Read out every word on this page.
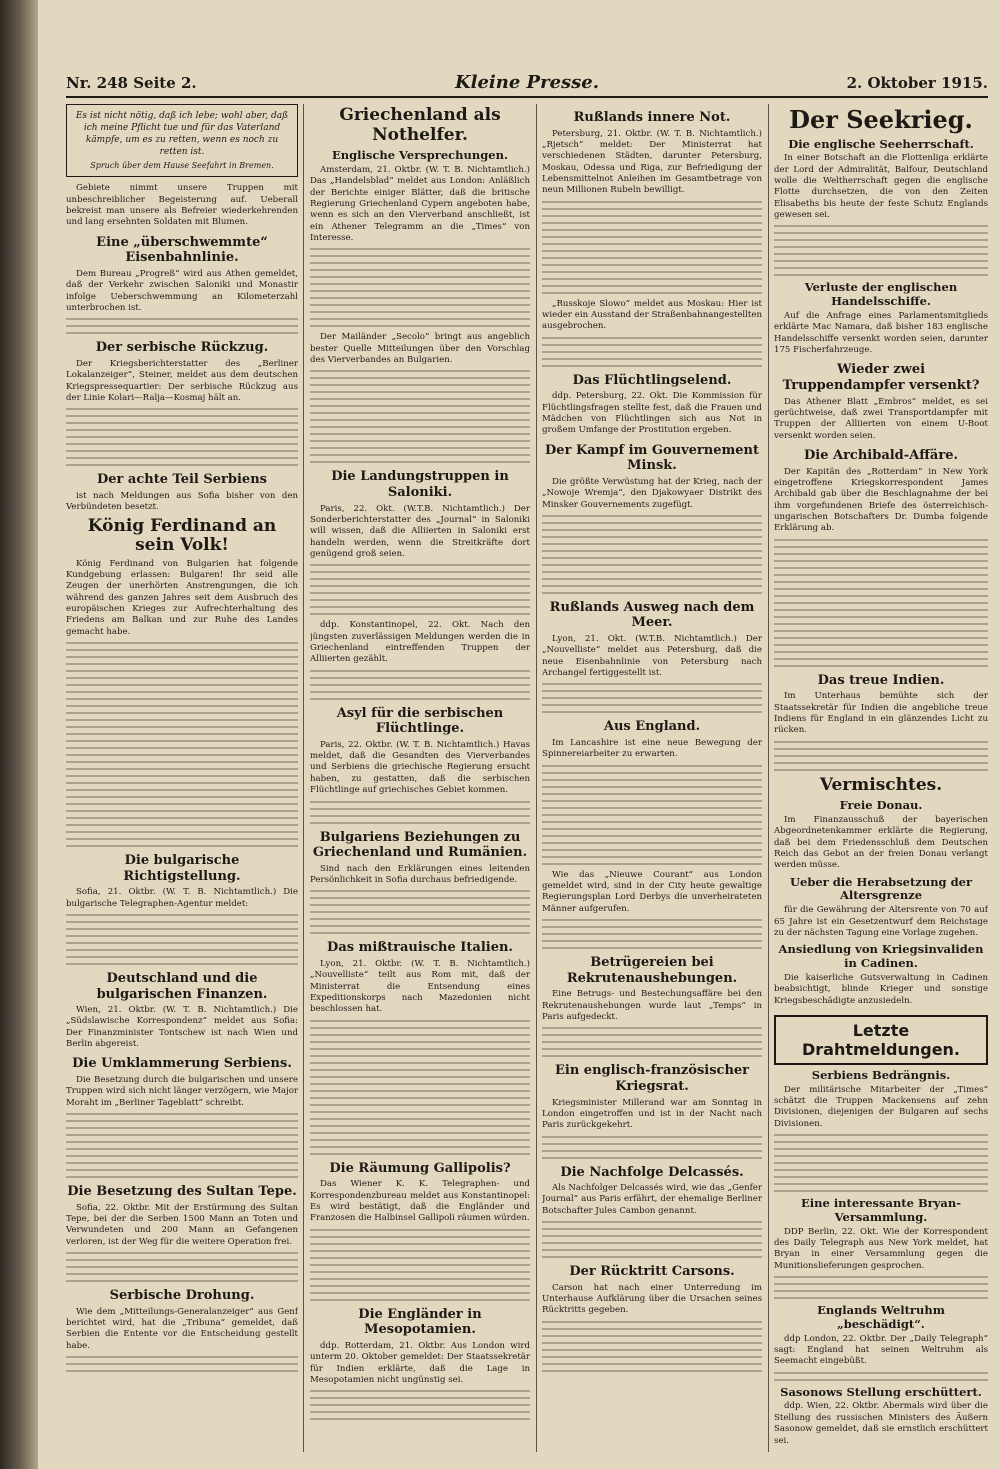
Nr. 248 Seite 2.	Kleine Presse.	2. Oktober 1915.
Es ist nicht nötig, daß ich lebe; wohl aber, daß ich meine Pflicht tue und für das Vaterland kämpfe, um es zu retten, wenn es noch zu retten ist.
Spruch über dem Hause Seefahrt in Bremen.

Gebiete nimmt unsere Truppen mit unbeschreiblicher Begeisterung auf. Ueberall bekreist man unsere als Befreier wiederkehrenden und lang ersehnten Soldaten mit Blumen.

Eine „überschwemmte“ Eisenbahnlinie.

Dem Bureau „Progreß“ wird aus Athen gemeldet, daß der Verkehr zwischen Saloniki und Monastir infolge Ueberschwemmung an Kilometerzahl unterbrochen ist.

Der serbische Rückzug.

Der Kriegsberichterstatter des „Berliner Lokalanzeiger“, Steiner, meldet aus dem deutschen Kriegspressequartier: Der serbische Rückzug aus der Linie Kolari—Ralja—Kosmaj hält an.

Der achte Teil Serbiens

ist nach Meldungen aus Sofia bisher von den Verbündeten besetzt.

König Ferdinand an sein Volk!

König Ferdinand von Bulgarien hat folgende Kundgebung erlassen: Bulgaren! Ihr seid alle Zeugen der unerhörten Anstrengungen, die ich während des ganzen Jahres seit dem Ausbruch des europäischen Krieges zur Aufrechterhaltung des Friedens am Balkan und zur Ruhe des Landes gemacht habe.

Die bulgarische Richtigstellung.

Sofia, 21. Oktbr. (W. T. B. Nichtamtlich.) Die bulgarische Telegraphen-Agentur meldet:

Deutschland und die bulgarischen Finanzen.

Wien, 21. Oktbr. (W. T. B. Nichtamtlich.) Die „Südslawische Korrespondenz“ meldet aus Sofia: Der Finanzminister Tontschew ist nach Wien und Berlin abgereist.

Die Umklammerung Serbiens.

Die Besetzung durch die bulgarischen und unsere Truppen wird sich nicht länger verzögern, wie Major Moraht im „Berliner Tageblatt“ schreibt.

Die Besetzung des Sultan Tepe.

Sofia, 22. Oktbr. Mit der Erstürmung des Sultan Tepe, bei der die Serben 1500 Mann an Toten und Verwundeten und 200 Mann an Gefangenen verloren, ist der Weg für die weitere Operation frei.

Serbische Drohung.

Wie dem „Mitteilungs-Generalanzeiger“ aus Genf berichtet wird, hat die „Tribuna“ gemeldet, daß Serbien die Entente vor die Entscheidung gestellt habe.

Griechenland als Nothelfer.
Englische Versprechungen.

Amsterdam, 21. Oktbr. (W. T. B. Nichtamtlich.) Das „Handelsblad“ meldet aus London: Anläßlich der Berichte einiger Blätter, daß die britische Regierung Griechenland Cypern angeboten habe, wenn es sich an den Vierverband anschließt, ist ein Athener Telegramm an die „Times“ von Interesse.

Der Mailänder „Secolo“ bringt aus angeblich bester Quelle Mitteilungen über den Vorschlag des Vierverbandes an Bulgarien.

Die Landungstruppen in Saloniki.

Paris, 22. Okt. (W.T.B. Nichtamtlich.) Der Sonderberichterstatter des „Journal“ in Saloniki will wissen, daß die Alliierten in Saloniki erst handeln werden, wenn die Streitkräfte dort genügend groß seien.

ddp. Konstantinopel, 22. Okt. Nach den jüngsten zuverlässigen Meldungen werden die in Griechenland eintreffenden Truppen der Alliierten gezählt.

Asyl für die serbischen Flüchtlinge.

Paris, 22. Oktbr. (W. T. B. Nichtamtlich.) Havas meldet, daß die Gesandten des Vierverbandes und Serbiens die griechische Regierung ersucht haben, zu gestatten, daß die serbischen Flüchtlinge auf griechisches Gebiet kommen.

Bulgariens Beziehungen zu Griechenland und Rumänien.

Sind nach den Erklärungen eines leitenden Persönlichkeit in Sofia durchaus befriedigende.

Das mißtrauische Italien.

Lyon, 21. Oktbr. (W. T. B. Nichtamtlich.) „Nouvelliste“ teilt aus Rom mit, daß der Ministerrat die Entsendung eines Expeditionskorps nach Mazedonien nicht beschlossen hat.

Die Räumung Gallipolis?

Das Wiener K. K. Telegraphen- und Korrespondenzbureau meldet aus Konstantinopel: Es wird bestätigt, daß die Engländer und Franzosen die Halbinsel Gallipoli räumen würden.

Die Engländer in Mesopotamien.

ddp. Rotterdam, 21. Oktbr. Aus London wird unterm 20. Oktober gemeldet: Der Staatssekretär für Indien erklärte, daß die Lage in Mesopotamien nicht ungünstig sei.

Rußlands innere Not.

Petersburg, 21. Oktbr. (W. T. B. Nichtamtlich.) „Rjetsch“ meldet: Der Ministerrat hat verschiedenen Städten, darunter Petersburg, Moskau, Odessa und Riga, zur Befriedigung der Lebensmittelnot Anleihen im Gesamtbetrage von neun Millionen Rubeln bewilligt.

„Russkoje Slowo“ meldet aus Moskau: Hier ist wieder ein Ausstand der Straßenbahnangestellten ausgebrochen.

Das Flüchtlingselend.

ddp. Petersburg, 22. Okt. Die Kommission für Flüchtlingsfragen stellte fest, daß die Frauen und Mädchen von Flüchtlingen sich aus Not in großem Umfange der Prostitution ergeben.

Der Kampf im Gouvernement Minsk.

Die größte Verwüstung hat der Krieg, nach der „Nowoje Wremja“, den Djakowyaer Distrikt des Minsker Gouvernements zugefügt.

Rußlands Ausweg nach dem Meer.

Lyon, 21. Okt. (W.T.B. Nichtamtlich.) Der „Nouvelliste“ meldet aus Petersburg, daß die neue Eisenbahnlinie von Petersburg nach Archangel fertiggestellt ist.

Aus England.

Im Lancashire ist eine neue Bewegung der Spinnereiarbeiter zu erwarten.

Wie das „Nieuwe Courant“ aus London gemeldet wird, sind in der City heute gewaltige Regierungsplan Lord Derbys die unverheirateten Männer aufgerufen.

Betrügereien bei Rekrutenaushebungen.

Eine Betrugs- und Bestechungsaffäre bei den Rekrutenaushebungen wurde laut „Temps“ in Paris aufgedeckt.

Ein englisch-französischer Kriegsrat.

Kriegsminister Millerand war am Sonntag in London eingetroffen und ist in der Nacht nach Paris zurückgekehrt.

Die Nachfolge Delcassés.

Als Nachfolger Delcassés wird, wie das „Genfer Journal“ aus Paris erfährt, der ehemalige Berliner Botschafter Jules Cambon genannt.

Der Rücktritt Carsons.

Carson hat nach einer Unterredung im Unterhause Aufklärung über die Ursachen seines Rücktritts gegeben.

Der Seekrieg.
Die englische Seeherrschaft.

In einer Botschaft an die Flottenliga erklärte der Lord der Admiralität, Balfour, Deutschland wolle die Weltherrschaft gegen die englische Flotte durchsetzen, die von den Zeiten Elisabeths bis heute der feste Schutz Englands gewesen sei.

Verluste der englischen Handelsschiffe.

Auf die Anfrage eines Parlamentsmitglieds erklärte Mac Namara, daß bisher 183 englische Handelsschiffe versenkt worden seien, darunter 175 Fischerfahrzeuge.

Wieder zwei Truppendampfer versenkt?

Das Athener Blatt „Embros“ meldet, es sei gerüchtweise, daß zwei Transportdampfer mit Truppen der Alliierten von einem U-Boot versenkt worden seien.

Die Archibald-Affäre.

Der Kapitän des „Rotterdam“ in New York eingetroffene Kriegskorrespondent James Archibald gab über die Beschlagnahme der bei ihm vorgefundenen Briefe des österreichisch-ungarischen Botschafters Dr. Dumba folgende Erklärung ab.

Das treue Indien.

Im Unterhaus bemühte sich der Staatssekretär für Indien die angebliche treue Indiens für England in ein glänzendes Licht zu rücken.

Vermischtes.
Freie Donau.

Im Finanzausschuß der bayerischen Abgeordnetenkammer erklärte die Regierung, daß bei dem Friedensschluß dem Deutschen Reich das Gebot an der freien Donau verlangt werden müsse.

Ueber die Herabsetzung der Altersgrenze

für die Gewährung der Altersrente von 70 auf 65 Jahre ist ein Gesetzentwurf dem Reichstage zu der nächsten Tagung eine Vorlage zugehen.

Ansiedlung von Kriegsinvaliden in Cadinen.

Die kaiserliche Gutsverwaltung in Cadinen beabsichtigt, blinde Krieger und sonstige Kriegsbeschädigte anzusiedeln.

Letzte Drahtmeldungen.
Serbiens Bedrängnis.

Der militärische Mitarbeiter der „Times“ schätzt die Truppen Mackensens auf zehn Divisionen, diejenigen der Bulgaren auf sechs Divisionen.

Eine interessante Bryan-Versammlung.

DDP Berlin, 22. Okt. Wie der Korrespondent des Daily Telegraph aus New York meldet, hat Bryan in einer Versammlung gegen die Munitionslieferungen gesprochen.

Englands Weltruhm „beschädigt“.

ddp London, 22. Oktbr. Der „Daily Telegraph“ sagt: England hat seinen Weltruhm als Seemacht eingebüßt.

Sasonows Stellung erschüttert.

ddp. Wien, 22. Oktbr. Abermals wird über die Stellung des russischen Ministers des Äußern Sasonow gemeldet, daß sie ernstlich erschüttert sei.
